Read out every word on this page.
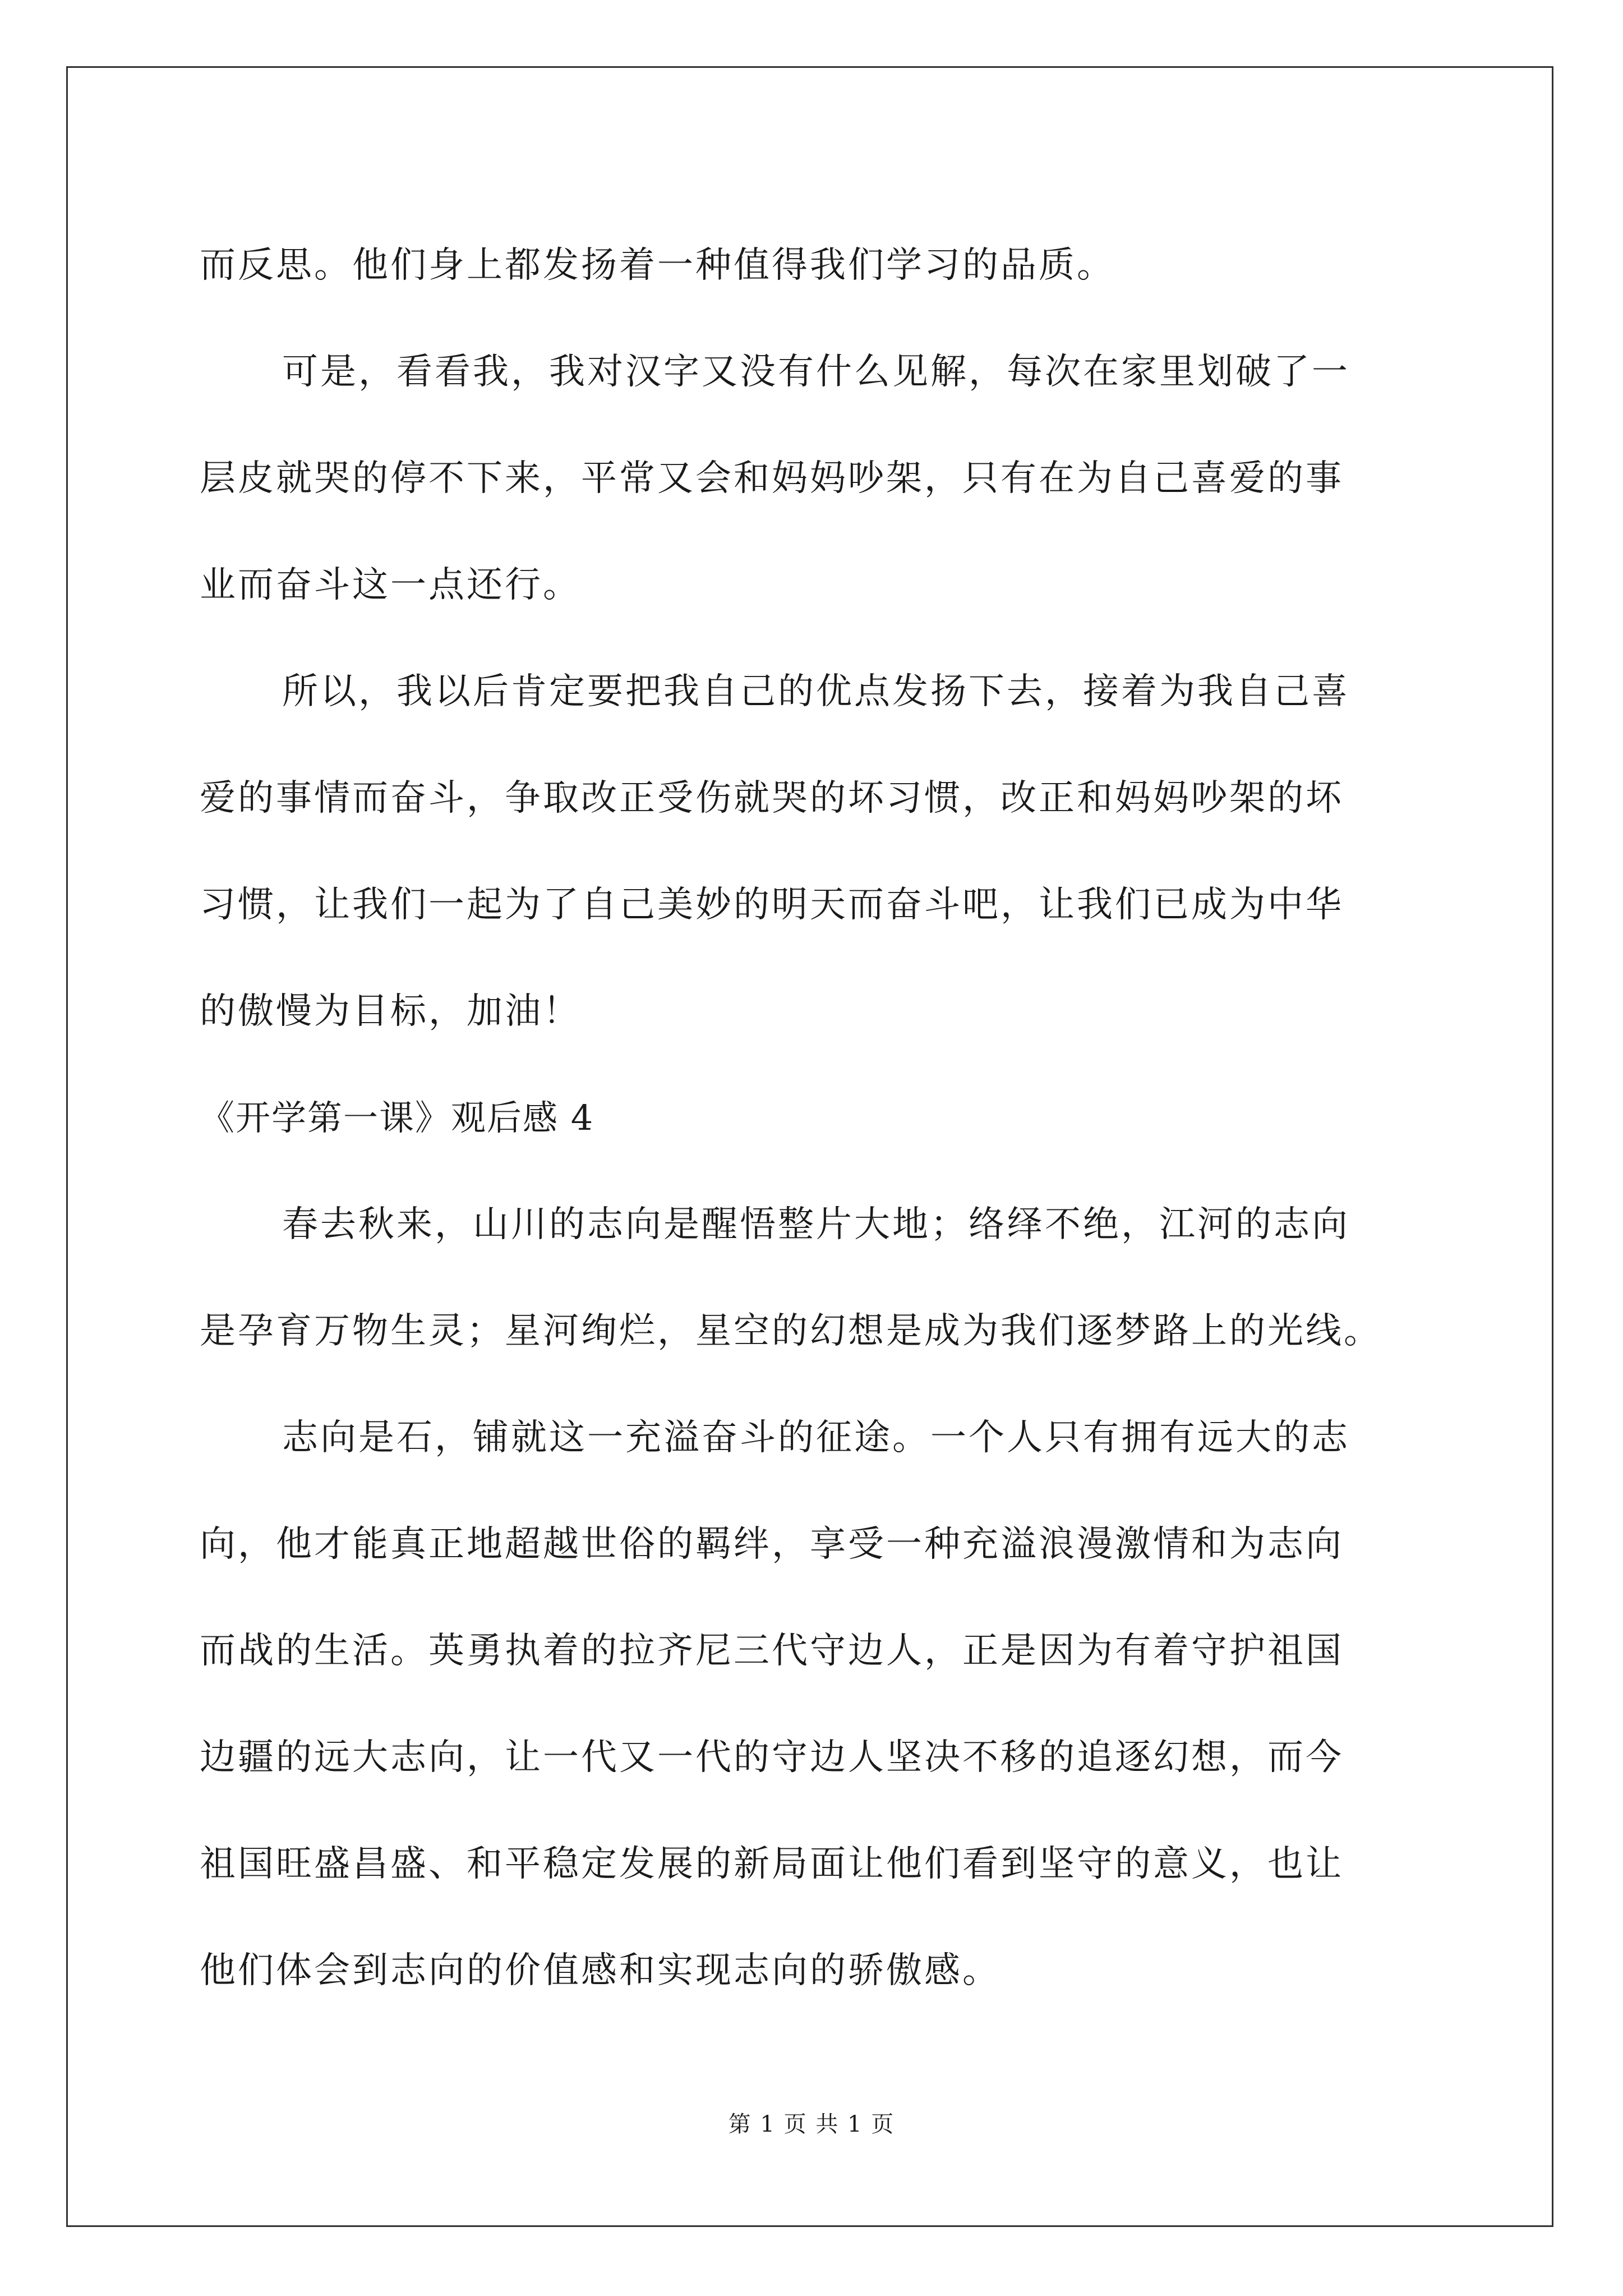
而反思。他们身上都发扬着一种值得我们学习的品质。
可是，看看我，我对汉字又没有什么见解，每次在家里划破了一
层皮就哭的停不下来，平常又会和妈妈吵架，只有在为自己喜爱的事
业而奋斗这一点还行。
所以，我以后肯定要把我自己的优点发扬下去，接着为我自己喜
爱的事情而奋斗，争取改正受伤就哭的坏习惯，改正和妈妈吵架的坏
习惯，让我们一起为了自己美妙的明天而奋斗吧，让我们已成为中华
的傲慢为目标，加油！
《开学第一课》观后感 4
春去秋来，山川的志向是醒悟整片大地；络绎不绝，江河的志向
是孕育万物生灵；星河绚烂，星空的幻想是成为我们逐梦路上的光线。
志向是石，铺就这一充溢奋斗的征途。一个人只有拥有远大的志
向，他才能真正地超越世俗的羁绊，享受一种充溢浪漫激情和为志向
而战的生活。英勇执着的拉齐尼三代守边人，正是因为有着守护祖国
边疆的远大志向，让一代又一代的守边人坚决不移的追逐幻想，而今
祖国旺盛昌盛、和平稳定发展的新局面让他们看到坚守的意义，也让
他们体会到志向的价值感和实现志向的骄傲感。
第 1 页 共 1 页
